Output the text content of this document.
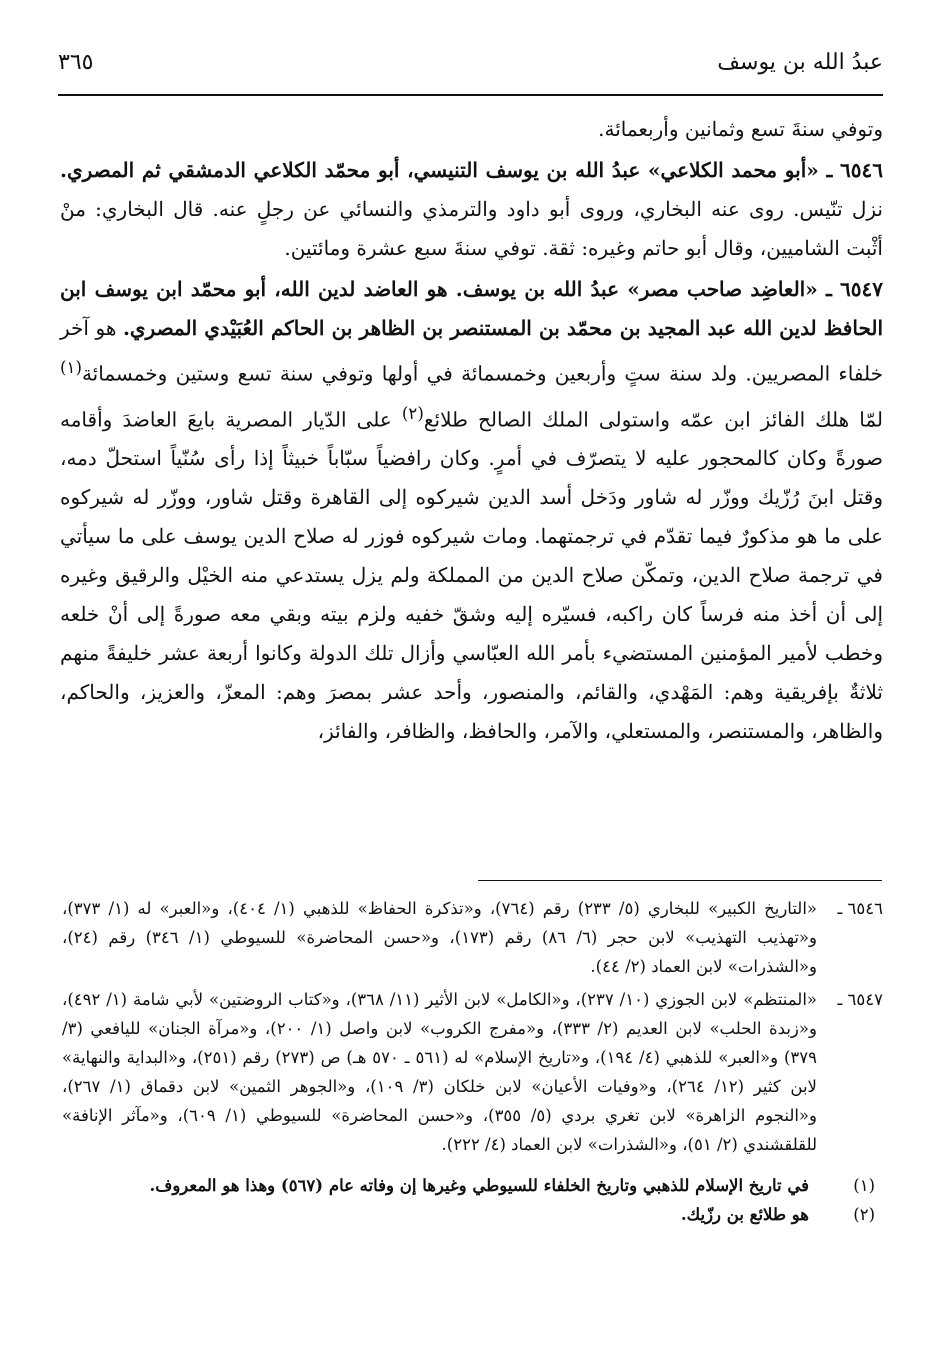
عبدُ الله بن يوسف
٣٦٥

وتوفي سنةَ تسع وثمانين وأربعمائة.

٦٥٤٦ ـ «أبو محمد الكلاعي» عبدُ الله بن يوسف التنيسي، أبو محمّد الكلاعي الدمشقي ثم المصري. نزل تنّيس. روى عنه البخاري، وروى أبو داود والترمذي والنسائي عن رجلٍ عنه. قال البخاري: منْ أثْبت الشاميين، وقال أبو حاتم وغيره: ثقة. توفي سنةَ سبع عشرة ومائتين.

٦٥٤٧ ـ «العاضِد صاحب مصر» عبدُ الله بن يوسف. هو العاضد لدين الله، أبو محمّد ابن يوسف ابن الحافظ لدين الله عبد المجيد بن محمّد بن المستنصر بن الظاهر بن الحاكم العُبَيْدي المصري. هو آخر خلفاء المصريين. ولد سنة ستٍ وأربعين وخمسمائة في أولها وتوفي سنة تسع وستين وخمسمائة$^{(١)}$ لمّا هلك الفائز ابن عمّه واستولى الملك الصالح طلائع$^{(٢)}$ على الدّيار المصرية بايعَ العاضدَ وأقامه صورةً وكان كالمحجور عليه لا يتصرّف في أمرٍ. وكان رافضياً سبّاباً خبيثاً إذا رأى سُنّياً استحلّ دمه، وقتل ابنَ رُزّيك ووزّر له شاور ودَخل أسد الدين شيركوه إلى القاهرة وقتل شاور، ووزّر له شيركوه على ما هو مذكورٌ فيما تقدّم في ترجمتهما. ومات شيركوه فوزر له صلاح الدين يوسف على ما سيأتي في ترجمة صلاح الدين، وتمكّن صلاح الدين من المملكة ولم يزل يستدعي منه الخيْل والرقيق وغيره إلى أن أخذ منه فرساً كان راكبه، فسيّره إليه وشقّ خفيه ولزم بيته وبقي معه صورةً إلى أنْ خلعه وخطب لأمير المؤمنين المستضيء بأمر الله العبّاسي وأزال تلك الدولة وكانوا أربعة عشر خليفةً منهم ثلاثةٌ بإفريقية وهم: المَهْدي، والقائم، والمنصور، وأحد عشر بمصرَ وهم: المعزّ، والعزيز، والحاكم، والظاهر، والمستنصر، والمستعلي، والآمر، والحافظ، والظافر، والفائز،

٦٥٤٦ ـ
«التاريخ الكبير» للبخاري (٥/ ٢٣٣) رقم (٧٦٤)، و«تذكرة الحفاظ» للذهبي (١/ ٤٠٤)، و«العبر» له (١/ ٣٧٣)، و«تهذيب التهذيب» لابن حجر (٦/ ٨٦) رقم (١٧٣)، و«حسن المحاضرة» للسيوطي (١/ ٣٤٦) رقم (٢٤)، و«الشذرات» لابن العماد (٢/ ٤٤).
٦٥٤٧ ـ
«المنتظم» لابن الجوزي (١٠/ ٢٣٧)، و«الكامل» لابن الأثير (١١/ ٣٦٨)، و«كتاب الروضتين» لأبي شامة (١/ ٤٩٢)، و«زبدة الحلب» لابن العديم (٢/ ٣٣٣)، و«مفرج الكروب» لابن واصل (١/ ٢٠٠)، و«مرآة الجنان» لليافعي (٣/ ٣٧٩) و«العبر» للذهبي (٤/ ١٩٤)، و«تاريخ الإسلام» له (٥٦١ ـ ٥٧٠ هـ) ص (٢٧٣) رقم (٢٥١)، و«البداية والنهاية» لابن كثير (١٢/ ٢٦٤)، و«وفيات الأعيان» لابن خلكان (٣/ ١٠٩)، و«الجوهر الثمين» لابن دقماق (١/ ٢٦٧)، و«النجوم الزاهرة» لابن تغري بردي (٥/ ٣٥٥)، و«حسن المحاضرة» للسيوطي (١/ ٦٠٩)، و«مآثر الإنافة» للقلقشندي (٢/ ٥١)، و«الشذرات» لابن العماد (٤/ ٢٢٢).
(١)
في تاريخ الإسلام للذهبي وتاريخ الخلفاء للسيوطي وغيرها إن وفاته عام (٥٦٧) وهذا هو المعروف.
(٢)
هو طلائع بن رزّيك.
